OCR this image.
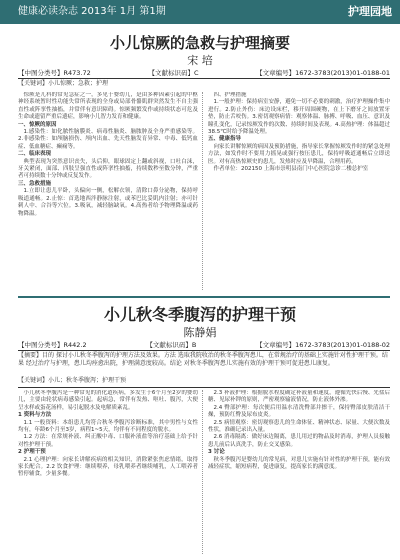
健康必读杂志 2013年 1月 第1期	护理园地
小儿惊厥的急救与护理摘要
宋 培
【中图分类号】R473.72	【文献标识码】C	【文章编号】1672-3783(2013)01-0188-01
【关键词】小儿惊厥；急救；护理

惊厥是儿科的常见急症之一，多见于婴幼儿，是由多种因素引起的中枢神经系统暂时性功能失常所表现的全身或局部骨骼肌群突然发生不自主强直性或阵挛性抽搐，并常伴有意识障碍。惊厥频繁发作或持续状态可危及生命或遗留严重后遗症，影响小儿智力发育和健康。

一、惊厥的原因

1.感染性：如化脓性脑膜炎、病毒性脑炎、脑脓肿及全身严重感染等。2.非感染性：如颅脑损伤、颅内出血、先天性脑发育异常、中毒、低钙血症、低血糖症、癫痫等。

二、临床表现

典型表现为突然意识丧失，头后仰，眼球固定上翻或斜视，口吐白沫，牙关紧闭，面部、四肢呈强直性或阵挛性抽搐，持续数秒至数分钟，严重者可持续数十分钟或反复发作。

三、急救措施

1.立即让患儿平卧，头偏向一侧，松解衣领，清除口鼻分泌物，保持呼吸道通畅。2.止惊：首选地西泮静脉注射，或苯巴比妥肌内注射；亦可针刺人中、合谷等穴位。3.吸氧，减轻脑缺氧。4.高热者给予物理降温或药物降温。

四、护理措施

1.一般护理：保持病室安静，避免一切不必要的刺激，治疗护理操作集中进行。2.防止外伤：床边设床栏，移开周围硬物，在上下磨牙之间放置牙垫，防止舌咬伤。3.密切观察病情：观察体温、脉搏、呼吸、血压、意识及瞳孔变化，记录惊厥发作的次数、持续时间及表现。4.高热护理：体温超过38.5℃时给予降温处理。

五、健康指导

向家长讲解惊厥的病因及预防措施，指导家长掌握惊厥发作时的紧急处理方法，如发作时不要用力摇晃或强行按压患儿，保持呼吸道通畅后立即送医。对有高热惊厥史的患儿，发热时应及早降温，合理用药。

作者单位：202150 上海市崇明县南门中心医院急诊二楼总护室

小儿秋冬季腹泻的护理干预
陈静娟
【中图分类号】R442.2	【文献标识码】B	【文章编号】1672-3783(2013)01-0188-02
【摘要】目的 探讨小儿秋冬季腹泻的护理方法及效果。方法 选取我院收治的秋冬季腹泻患儿，在常规治疗的基础上实施针对性护理干预。结果 经过治疗与护理，患儿均痊愈出院，护理满意度较高。结论 对秋冬季腹泻患儿实施有效的护理干预可促进患儿康复。
【关键词】小儿；秋冬季腹泻；护理干预

小儿秋冬季腹泻是一种常见的消化道疾病，多发生于6个月至2岁的婴幼儿，主要由轮状病毒感染引起。起病急，常伴有发热、呕吐、腹泻，大便呈水样或蛋花汤样，易引起脱水及电解质紊乱。

1 资料与方法

1.1 一般资料：本组患儿均符合秋冬季腹泻诊断标准，其中男性与女性均有，年龄6个月至3岁，病程1~5天，均伴有不同程度的脱水。

1.2 方法：在常规补液、纠正酸中毒、口服补液盐等治疗基础上给予针对性护理干预。

2 护理干预

2.1 心理护理：向家长讲解疾病的相关知识，消除紧张焦虑情绪，取得家长配合。2.2 饮食护理：继续喂养，母乳喂养者继续哺乳，人工喂养者暂停辅食，少量多餐。

2.3 补液护理：根据脱水程度确定补液量和速度，遵循先快后慢、先盐后糖、见尿补钾的原则，严密观察输液情况，防止液体外渗。

2.4 臀部护理：每次便后用温水清洗臀部并擦干，保持臀部皮肤清洁干燥，预防红臀及尿布皮炎。

2.5 病情观察：密切观察患儿的生命体征、精神状态、尿量、大便次数及性状，准确记录出入量。

2.6 消毒隔离：做好床边隔离，患儿用过的物品及时消毒，护理人员接触患儿前后认真洗手，防止交叉感染。

3 讨论

秋冬季腹泻是婴幼儿的常见病，对患儿实施有针对性的护理干预，能有效减轻症状，缩短病程，促进康复，提高家长的满意度。
